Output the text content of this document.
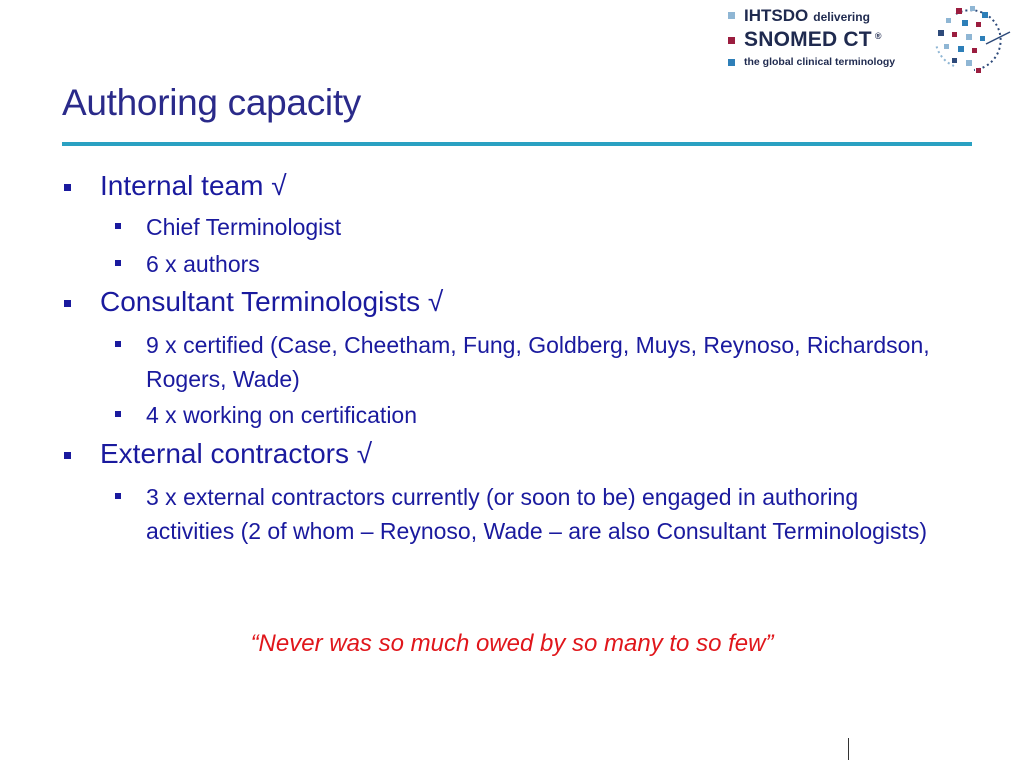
IHTSDO delivering
SNOMED CT ®
the global clinical terminology
Authoring capacity
Internal team √
Chief Terminologist
6 x authors
Consultant Terminologists √
9 x certified (Case, Cheetham, Fung, Goldberg, Muys, Reynoso, Richardson, Rogers, Wade)
4 x working on certification
External contractors √
3 x external contractors currently (or soon to be) engaged in authoring activities (2 of whom – Reynoso, Wade – are also Consultant Terminologists)
“Never was so much owed by so many to so few”
